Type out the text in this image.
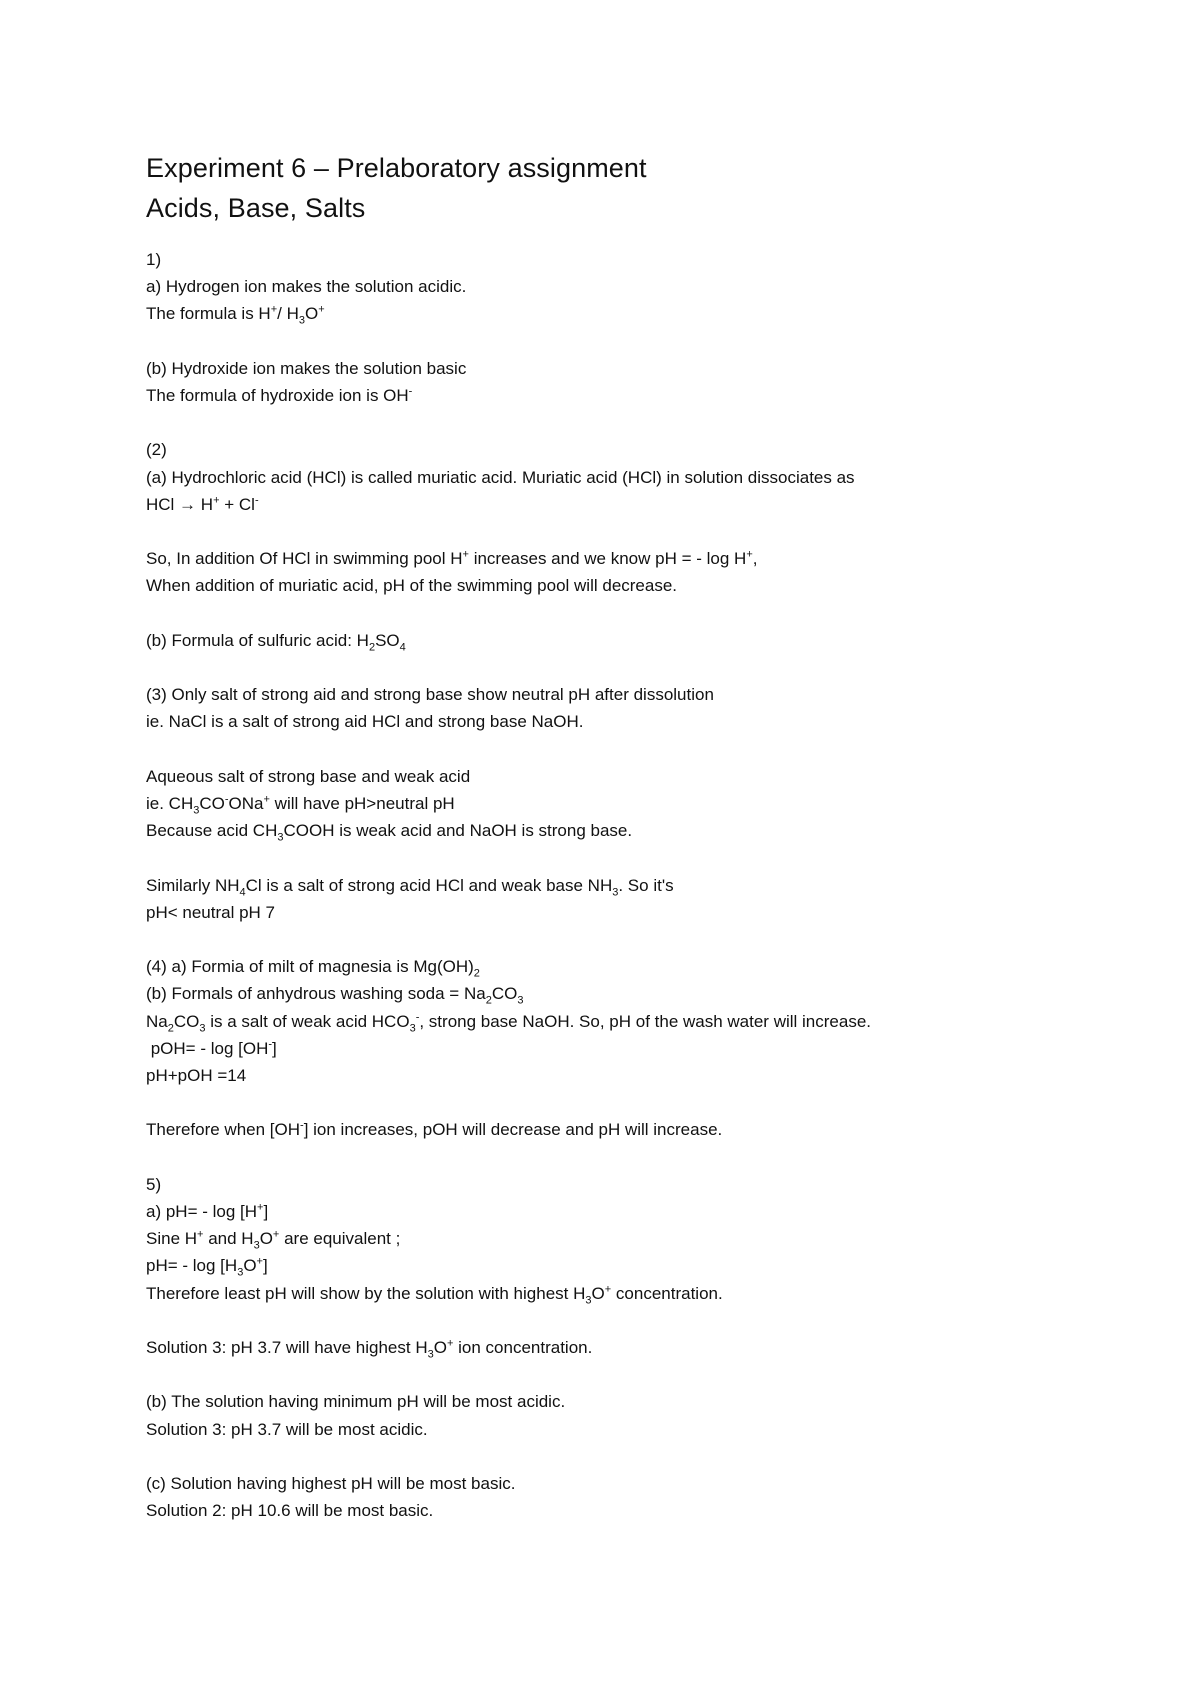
Experiment 6 – Prelaboratory assignment
Acids, Base, Salts
1)
a) Hydrogen ion makes the solution acidic.
The formula is H+/ $H_3O^+$
(b) Hydroxide ion makes the solution basic
The formula of hydroxide ion is OH-
(2)
(a) Hydrochloric acid (HCl) is called muriatic acid. Muriatic acid (HCl) in solution dissociates as
HCl → H+ + Cl-
So, In addition Of HCl in swimming pool H+ increases and we know pH = - log H+,
When addition of muriatic acid, pH of the swimming pool will decrease.
(b) Formula of sulfuric acid: $H_2SO_4$
(3) Only salt of strong aid and strong base show neutral pH after dissolution
ie. NaCl is a salt of strong aid HCl and strong base NaOH.
Aqueous salt of strong base and weak acid
ie. $CH_3CO^-ONa^+$ will have pH>neutral pH
Because acid $CH_3COOH$ is weak acid and NaOH is strong base.
Similarly $NH_4Cl$ is a salt of strong acid HCl and weak base $NH_3$. So it's
pH< neutral pH 7
(4) a) Formia of milt of magnesia is $Mg(OH)_2$
(b) Formals of anhydrous washing soda = $Na_2CO_3$
$Na_2CO_3$ is a salt of weak acid $HCO_3^-$, strong base NaOH. So, pH of the wash water will increase.
pOH= - log [OH-]
pH+pOH =14
Therefore when [OH-] ion increases, pOH will decrease and pH will increase.
5)
a) pH= - log [H+]
Sine H+ and $H_3O^+$ are equivalent ;
$pH= - \log [H_3O^+]$
Therefore least pH will show by the solution with highest $H_3O^+$ concentration.
Solution 3: pH 3.7 will have highest $H_3O^+$ ion concentration.
(b) The solution having minimum pH will be most acidic.
Solution 3: pH 3.7 will be most acidic.
(c) Solution having highest pH will be most basic.
Solution 2: pH 10.6 will be most basic.
